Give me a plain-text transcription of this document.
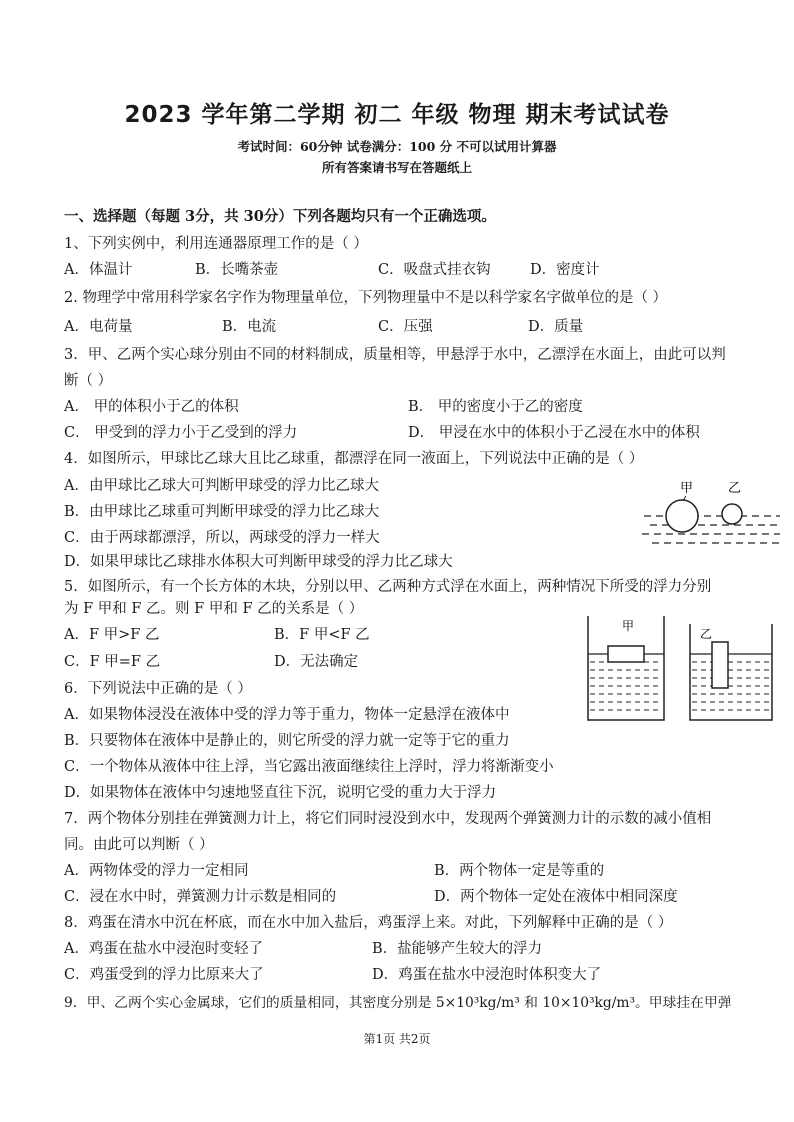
2023 学年第二学期 初二 年级 物理 期末考试试卷
考试时间：60分钟 试卷满分：100 分 不可以试用计算器
所有答案请书写在答题纸上
一、选择题（每题 3分，共 30分）下列各题均只有一个正确选项。
1、下列实例中，利用连通器原理工作的是（ ）
A．体温计	B．长嘴茶壶	C．吸盘式挂衣钩	D．密度计
2. 物理学中常用科学家名字作为物理量单位，下列物理量中不是以科学家名字做单位的是（ ）
A．电荷量	B．电流	C．压强	D．质量
3．甲、乙两个实心球分别由不同的材料制成，质量相等，甲悬浮于水中，乙漂浮在水面上，由此可以判
断（ ）
A． 甲的体积小于乙的体积	B． 甲的密度小于乙的密度
C． 甲受到的浮力小于乙受到的浮力	D． 甲浸在水中的体积小于乙浸在水中的体积
4．如图所示，甲球比乙球大且比乙球重，都漂浮在同一液面上，下列说法中正确的是（ ）
A．由甲球比乙球大可判断甲球受的浮力比乙球大
B．由甲球比乙球重可判断甲球受的浮力比乙球大
C．由于两球都漂浮，所以，两球受的浮力一样大
D．如果甲球比乙球排水体积大可判断甲球受的浮力比乙球大
甲	乙
5．如图所示，有一个长方体的木块，分别以甲、乙两种方式浮在水面上，两种情况下所受的浮力分别
为 F 甲和 F 乙。则 F 甲和 F 乙的关系是（ ）
A．F 甲>F 乙	B．F 甲<F 乙
C．F 甲=F 乙	D．无法确定
甲
乙
6．下列说法中正确的是（ ）
A．如果物体浸没在液体中受的浮力等于重力，物体一定悬浮在液体中
B．只要物体在液体中是静止的，则它所受的浮力就一定等于它的重力
C．一个物体从液体中往上浮，当它露出液面继续往上浮时，浮力将渐渐变小
D．如果物体在液体中匀速地竖直往下沉，说明它受的重力大于浮力
7．两个物体分别挂在弹簧测力计上，将它们同时浸没到水中，发现两个弹簧测力计的示数的减小值相
同。由此可以判断（ ）
A．两物体受的浮力一定相同	B．两个物体一定是等重的
C．浸在水中时，弹簧测力计示数是相同的	D．两个物体一定处在液体中相同深度
8．鸡蛋在清水中沉在杯底，而在水中加入盐后，鸡蛋浮上来。对此，下列解释中正确的是（ ）
A．鸡蛋在盐水中浸泡时变轻了	B．盐能够产生较大的浮力
C．鸡蛋受到的浮力比原来大了	D．鸡蛋在盐水中浸泡时体积变大了
9．甲、乙两个实心金属球，它们的质量相同，其密度分别是 5×10³kg/m³ 和 10×10³kg/m³。甲球挂在甲弹
第1页 共2页
